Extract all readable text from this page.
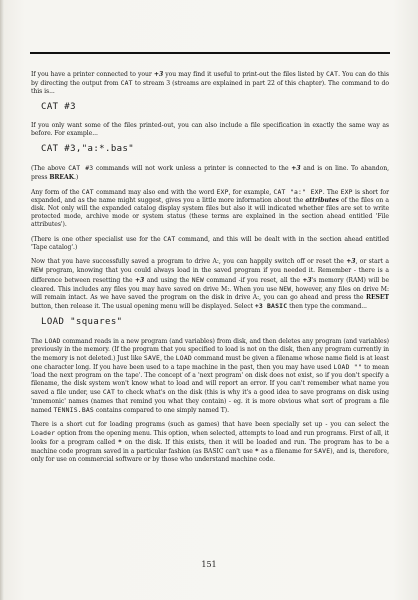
If you have a printer connected to your +3 you may find it useful to print-out the files listed by CAT. You can do this by directing the output from CAT to stream 3 (streams are explained in part 22 of this chapter). The command to do this is...

CAT #3

If you only want some of the files printed-out, you can also include a file specification in exactly the same way as before. For example...

CAT #3,"a:*.bas"

(The above CAT #3 commands will not work unless a printer is connected to the +3 and is on line. To abandon, press BREAK.)

Any form of the CAT command may also end with the word EXP, for example, CAT "a:" EXP. The EXP is short for expanded, and as the name might suggest, gives you a little more information about the attributes of the files on a disk. Not only will the expanded catalog display system files but also it will indicated whether files are set to write protected mode, archive mode or system status (these terms are explained in the section ahead entitled 'File attributes').

(There is one other specialist use for the CAT command, and this will be dealt with in the section ahead entitled 'Tape catalog'.)

Now that you have successfully saved a program to drive A:, you can happily switch off or reset the +3, or start a NEW program, knowing that you could always load in the saved program if you needed it. Remember - there is a difference between resetting the +3 and using the NEW command -if you reset, all the +3's memory (RAM) will be cleared. This includes any files you may have saved on drive M:. When you use NEW, however, any files on drive M: will remain intact. As we have saved the program on the disk in drive A:, you can go ahead and press the RESET button, then release it. The usual opening menu will be displayed. Select +3 BASIC then type the command...

LOAD "squares"

The LOAD command reads in a new program (and variables) from disk, and then deletes any program (and variables) previously in the memory. (If the program that you specified to load is not on the disk, then any program currently in the memory is not deleted.) Just like SAVE, the LOAD command must be given a filename whose name field is at least one character long. If you have been used to a tape machine in the past, then you may have used LOAD "" to mean 'load the next program on the tape'. The concept of a 'next program' on disk does not exist, so if you don't specify a filename, the disk system won't know what to load and will report an error. If you can't remember what name you saved a file under, use CAT to check what's on the disk (this is why it's a good idea to save programs on disk using 'mnemonic' names (names that remind you what they contain) - eg. it is more obvious what sort of program a file named TENNIS.BAS contains compared to one simply named T).

There is a short cut for loading programs (such as games) that have been specially set up - you can select the Loader option from the opening menu. This option, when selected, attempts to load and run programs. First of all, it looks for a program called * on the disk. If this exists, then it will be loaded and run. The program has to be a machine code program saved in a particular fashion (as BASIC can't use * as a filename for SAVE), and is, therefore, only for use on commercial software or by those who understand machine code.

151
